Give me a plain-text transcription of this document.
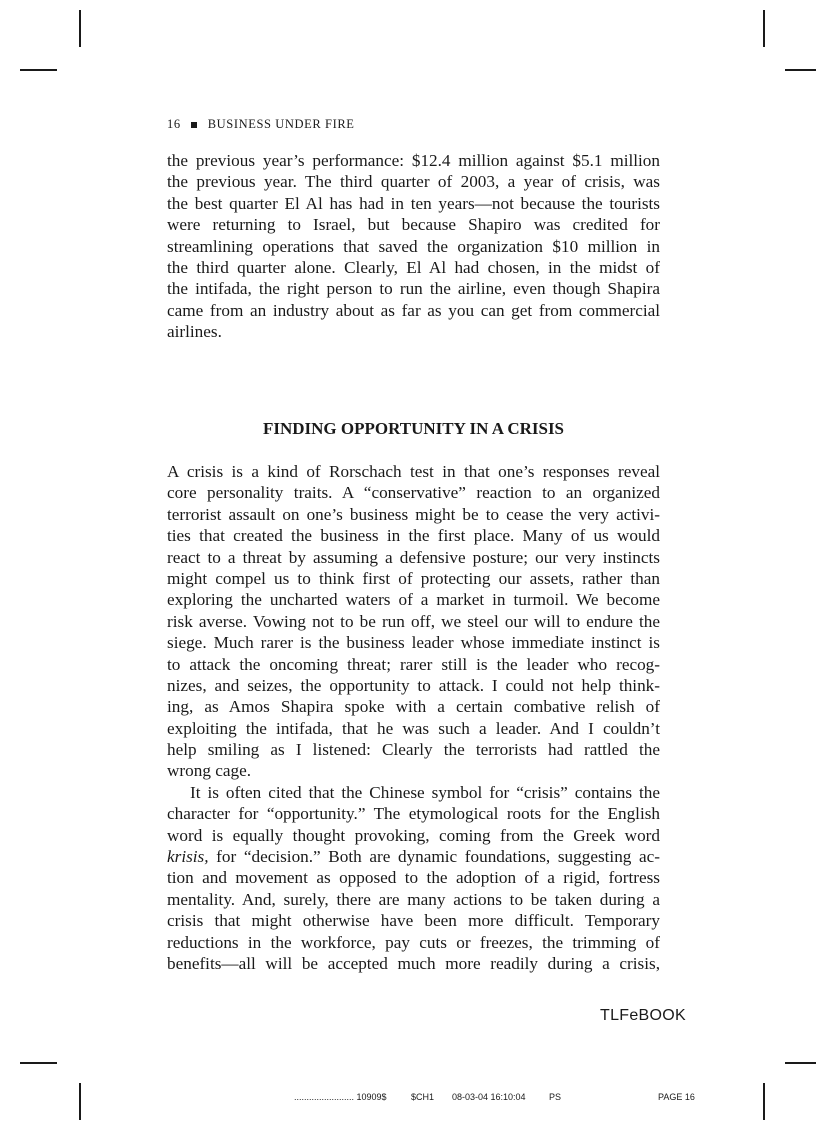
16 BUSINESS UNDER FIRE
the previous year’s performance: $12.4 million against $5.1 million
the previous year. The third quarter of 2003, a year of crisis, was
the best quarter El Al has had in ten years—not because the tourists
were returning to Israel, but because Shapiro was credited for
streamlining operations that saved the organization $10 million in
the third quarter alone. Clearly, El Al had chosen, in the midst of
the intifada, the right person to run the airline, even though Shapira
came from an industry about as far as you can get from commercial
airlines.
FINDING OPPORTUNITY IN A CRISIS
A crisis is a kind of Rorschach test in that one’s responses reveal
core personality traits. A “conservative” reaction to an organized
terrorist assault on one’s business might be to cease the very activi-
ties that created the business in the first place. Many of us would
react to a threat by assuming a defensive posture; our very instincts
might compel us to think first of protecting our assets, rather than
exploring the uncharted waters of a market in turmoil. We become
risk averse. Vowing not to be run off, we steel our will to endure the
siege. Much rarer is the business leader whose immediate instinct is
to attack the oncoming threat; rarer still is the leader who recog-
nizes, and seizes, the opportunity to attack. I could not help think-
ing, as Amos Shapira spoke with a certain combative relish of
exploiting the intifada, that he was such a leader. And I couldn’t
help smiling as I listened: Clearly the terrorists had rattled the
wrong cage.
It is often cited that the Chinese symbol for “crisis” contains the
character for “opportunity.” The etymological roots for the English
word is equally thought provoking, coming from the Greek word
krisis, for “decision.” Both are dynamic foundations, suggesting ac-
tion and movement as opposed to the adoption of a rigid, fortress
mentality. And, surely, there are many actions to be taken during a
crisis that might otherwise have been more difficult. Temporary
reductions in the workforce, pay cuts or freezes, the trimming of
benefits—all will be accepted much more readily during a crisis,
TLFeBOOK
........................ 10909$	$CH1 08-03-04 16:10:04	PS	PAGE 16
